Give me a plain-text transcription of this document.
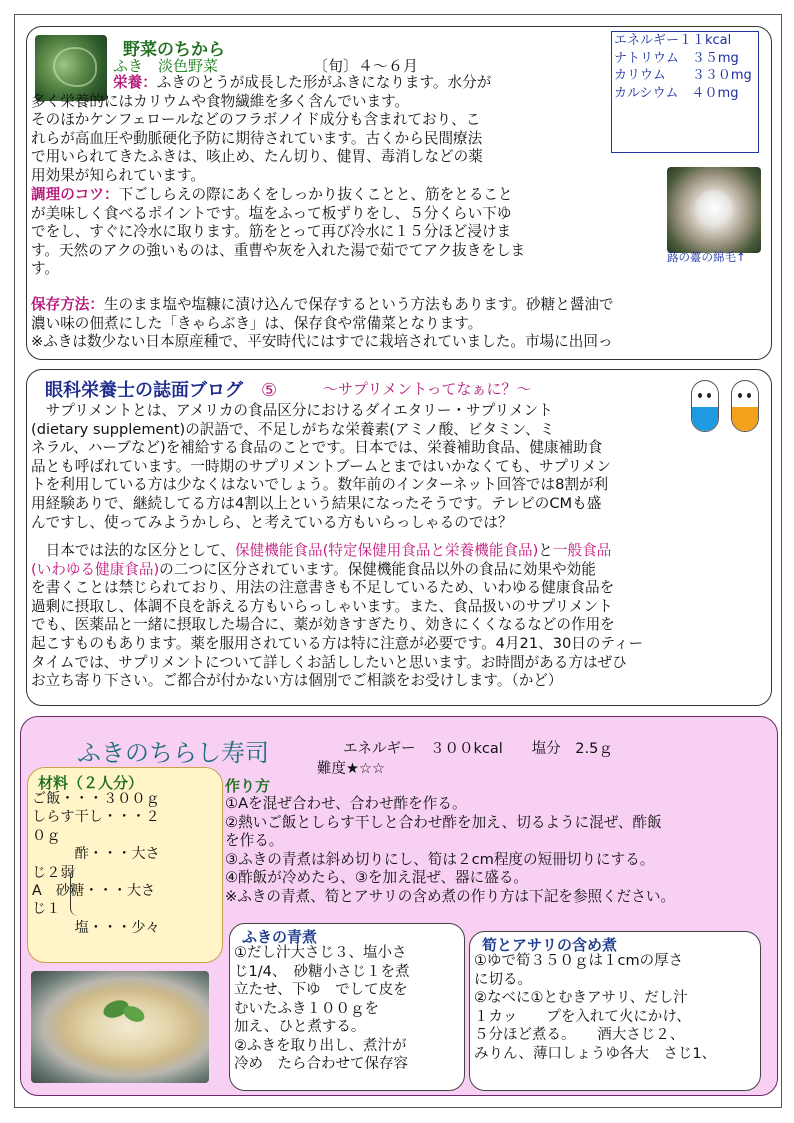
野菜のちから
ふき　淡色野菜	〔旬〕４～６月
エネルギー１１kcal
ナトリウム　３５mg
カリウム　　３３０mg
カルシウム　４０mg

栄養：ふきのとうが成長した形がふきになります。水分が
多く栄養的にはカリウムや食物繊維を多く含んでいます。
そのほかケンフェロールなどのフラボノイド成分も含まれており、こ
れらが高血圧や動脈硬化予防に期待されています。古くから民間療法
で用いられてきたふきは、咳止め、たん切り、健胃、毒消しなどの薬
用効果が知られています。

調理のコツ：下ごしらえの際にあくをしっかり抜くことと、筋をとること
が美味しく食べるポイントです。塩をふって板ずりをし、５分くらい下ゆ
でをし、すぐに冷水に取ります。筋をとって再び冷水に１５分ほど浸けま
す。天然のアクの強いものは、重曹や灰を入れた湯で茹でてアク抜きをしま
す。

蕗の薹の綿毛↑

保存方法：生のまま塩や塩糠に漬け込んで保存するという方法もあります。砂糖と醤油で
濃い味の佃煮にした「きゃらぶき」は、保存食や常備菜となります。
※ふきは数少ない日本原産種で、平安時代にはすでに栽培されていました。市場に出回っ

眼科栄養士の誌面ブログ　 ⑤	～サプリメントってなぁに？～

　サプリメントとは、アメリカの食品区分におけるダイエタリー・サプリメント
(dietary supplement)の訳語で、不足しがちな栄養素(アミノ酸、ビタミン、ミ
ネラル、ハーブなど)を補給する食品のことです。日本では、栄養補助食品、健康補助食
品とも呼ばれています。一時期のサプリメントブームとまではいかなくても、サプリメン
トを利用している方は少なくはないでしょう。数年前のインターネット回答では8割が利
用経験ありで、継続してる方は4割以上という結果になったそうです。テレビのCMも盛
んですし、使ってみようかしら、と考えている方もいらっしゃるのでは？

　日本では法的な区分として、保健機能食品(特定保健用食品と栄養機能食品)と一般食品
(いわゆる健康食品)の二つに区分されています。保健機能食品以外の食品に効果や効能
を書くことは禁じられており、用法の注意書きも不足しているため、いわゆる健康食品を
過剰に摂取し、体調不良を訴える方もいらっしゃいます。また、食品扱いのサプリメント
でも、医薬品と一緒に摂取した場合に、薬が効きすぎたり、効きにくくなるなどの作用を
起こすものもあります。薬を服用されている方は特に注意が必要です。4月21、30日のティー
タイムでは、サプリメントについて詳しくお話ししたいと思います。お時間がある方はぜひ
お立ち寄り下さい。ご都合が付かない方は個別でご相談をお受けします。（かど）

ふきのちらし寿司	エネルギー　３００kcal　　塩分　2.5ｇ
難度★☆☆
材料（２人分）

ご飯・・・３００ｇ
しらす干し・・・２
０ｇ
　　　酢・・・大さ
じ２弱
A　砂糖・・・大さ
じ１
　　　塩・・・少々

作り方

①Aを混ぜ合わせ、合わせ酢を作る。
②熱いご飯としらす干しと合わせ酢を加え、切るように混ぜ、酢飯
を作る。
③ふきの青煮は斜め切りにし、筍は２cm程度の短冊切りにする。
④酢飯が冷めたら、③を加え混ぜ、器に盛る。
※ふきの青煮、筍とアサリの含め煮の作り方は下記を参照ください。

ふきの青煮

①だし汁大さじ３、塩小さ
じ1/4、　砂糖小さじ１を煮
立たせ、下ゆ　でして皮を
むいたふき１００ｇを
加え、ひと煮する。
②ふきを取り出し、煮汁が
冷め　たら合わせて保存容

筍とアサリの含め煮

①ゆで筍３５０ｇは１cmの厚さ
に切る。
②なべに①とむきアサリ、だし汁
１カッ　　プを入れて火にかけ、
５分ほど煮る。　　酒大さじ２、
みりん、薄口しょうゆ各大　さじ1、
